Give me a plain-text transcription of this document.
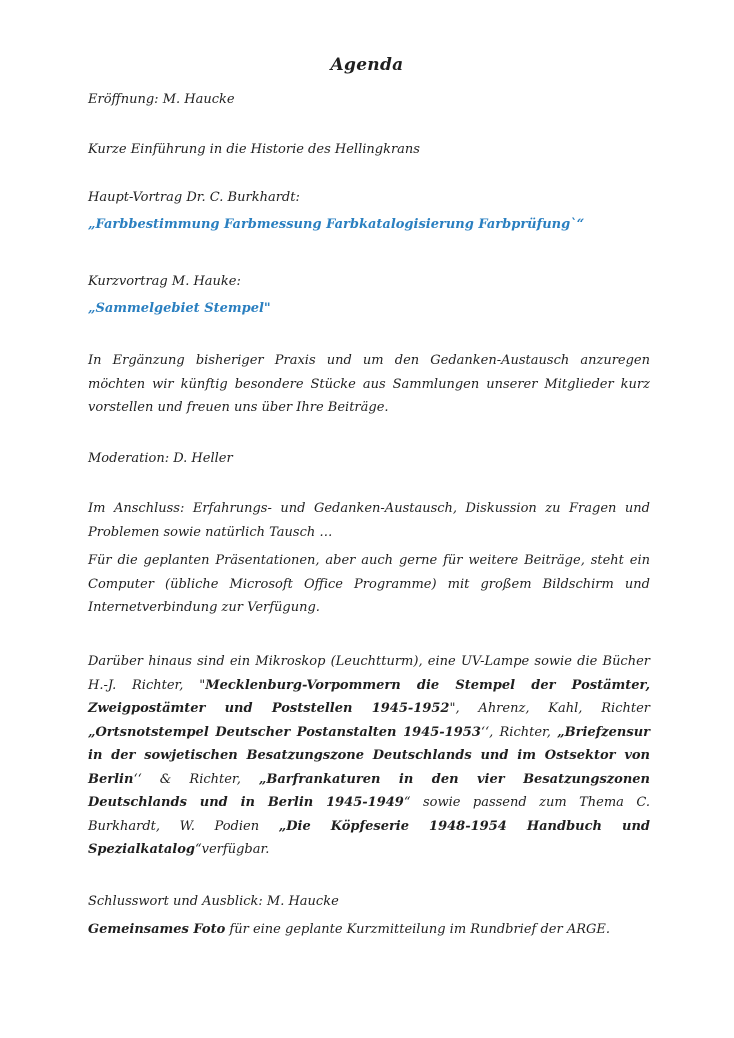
Agenda
Eröffnung: M. Haucke
Kurze Einführung in die Historie des Hellingkrans
Haupt-Vortrag Dr. C. Burkhardt:
„Farbbestimmung Farbmessung Farbkatalogisierung Farbprüfung`“
Kurzvortrag M. Hauke:
„Sammelgebiet Stempel"
In Ergänzung bisheriger Praxis und um den Gedanken-Austausch anzuregen möchten wir künftig besondere Stücke aus Sammlungen unserer Mitglieder kurz vorstellen und freuen uns über Ihre Beiträge.
Moderation: D. Heller
Im Anschluss: Erfahrungs- und Gedanken-Austausch, Diskussion zu Fragen und Problemen sowie natürlich Tausch …
Für die geplanten Präsentationen, aber auch gerne für weitere Beiträge, steht ein Computer (übliche Microsoft Office Programme) mit großem Bildschirm und Internetverbindung zur Verfügung.
Darüber hinaus sind ein Mikroskop (Leuchtturm), eine UV-Lampe sowie die Bücher H.-J. Richter, "Mecklenburg-Vorpommern die Stempel der Postämter, Zweigpostämter und Poststellen 1945-1952", Ahrenz, Kahl, Richter „Ortsnotstempel Deutscher Postanstalten 1945-1953‘‘, Richter, „Briefzensur in der sowjetischen Besatzungszone Deutschlands und im Ostsektor von Berlin‘‘ & Richter, „Barfrankaturen in den vier Besatzungszonen Deutschlands und in Berlin 1945-1949“ sowie passend zum Thema C. Burkhardt, W. Podien „Die Köpfeserie 1948-1954 Handbuch und Spezialkatalog“verfügbar.
Schlusswort und Ausblick: M. Haucke
Gemeinsames Foto für eine geplante Kurzmitteilung im Rundbrief der ARGE.
